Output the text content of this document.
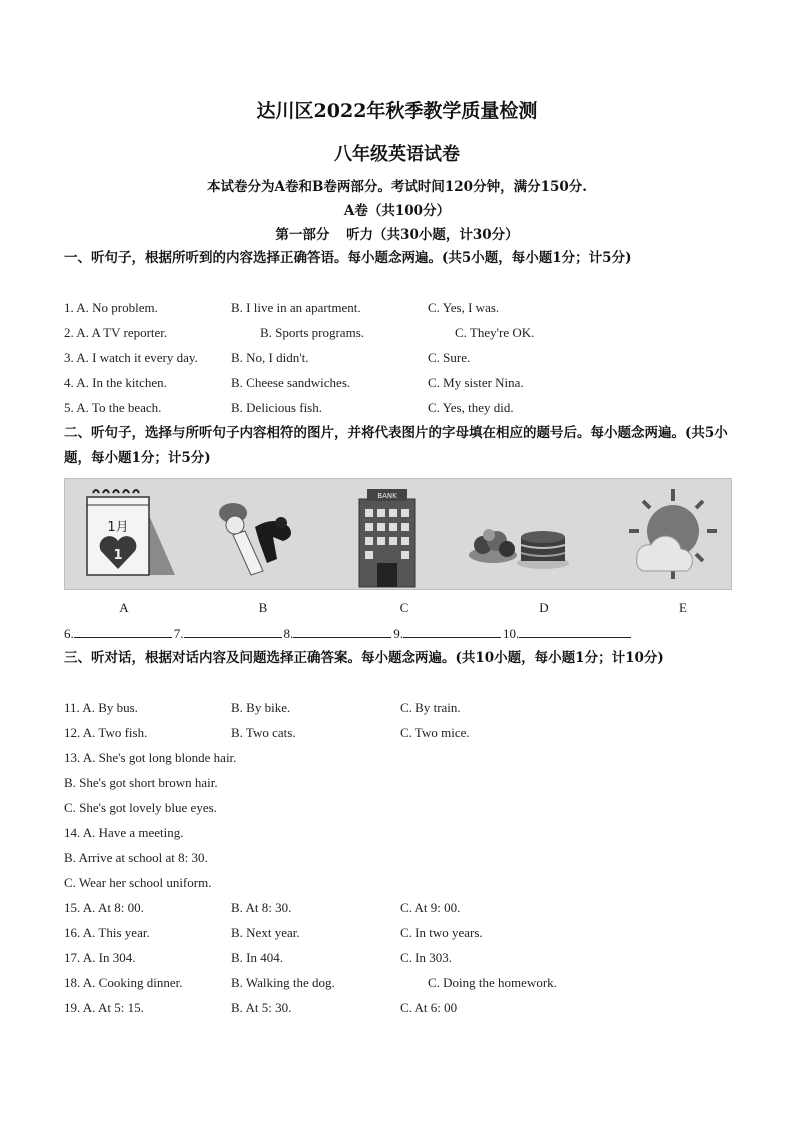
达川区2022年秋季教学质量检测
八年级英语试卷
本试卷分为A卷和B卷两部分。考试时间120分钟，满分150分.
A卷（共100分）
第一部分 听力（共30小题，计30分）
一、听句子，根据所听到的内容选择正确答语。每小题念两遍。(共5小题，每小题1分；计5分)
1. A. No problem.	B. I live in an apartment.	C. Yes, I was.
2. A. A TV reporter.	B. Sports programs.	C. They're OK.
3. A. I watch it every day.	B. No, I didn't.	C. Sure.
4. A. In the kitchen.	B. Cheese sandwiches.	C. My sister Nina.
5. A. To the beach.	B. Delicious fish.	C. Yes, they did.
二、听句子，选择与所听句子内容相符的图片，并将代表图片的字母填在相应的题号后。每小题念两遍。(共5小题，每小题1分；计5分)
1月
1
BANK
A	B	C	D	E
6.	7.	8.	9.	10.
三、听对话，根据对话内容及问题选择正确答案。每小题念两遍。(共10小题，每小题1分；计10分)
11. A. By bus.	B. By bike.	C. By train.
12. A. Two fish.	B. Two cats.	C. Two mice.
13. A. She's got long blonde hair.
B. She's got short brown hair.
C. She's got lovely blue eyes.
14. A. Have a meeting.
B. Arrive at school at 8: 30.
C. Wear her school uniform.
15. A. At 8: 00.	B. At 8: 30.	C. At 9: 00.
16. A. This year.	B. Next year.	C. In two years.
17. A. In 304.	B. In 404.	C. In 303.
18. A. Cooking dinner.	B. Walking the dog.	C. Doing the homework.
19. A. At 5: 15.	B. At 5: 30.	C. At 6: 00
